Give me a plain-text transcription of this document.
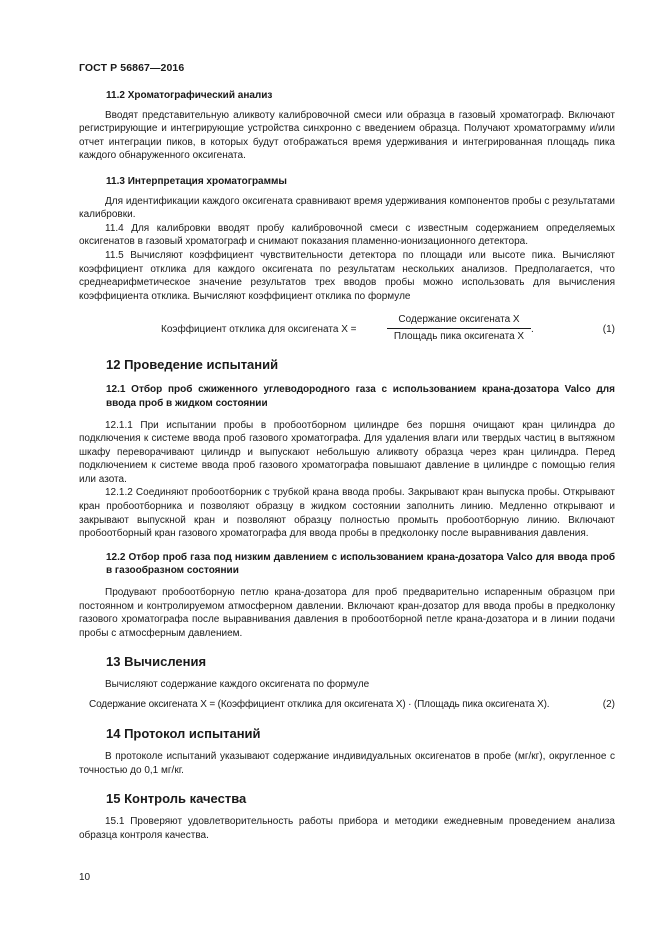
ГОСТ Р 56867—2016
11.2 Хроматографический анализ

Вводят представительную аликвоту калибровочной смеси или образца в газовый хроматограф. Включают регистрирующие и интегрирующие устройства синхронно с введением образца. Получают хроматограмму и/или отчет интеграции пиков, в которых будут отображаться время удерживания и интегрированная площадь пика каждого обнаруженного оксигената.

11.3 Интерпретация хроматограммы

Для идентификации каждого оксигената сравнивают время удерживания компонентов пробы с результатами калибровки.

11.4 Для калибровки вводят пробу калибровочной смеси с известным содержанием определяемых оксигенатов в газовый хроматограф и снимают показания пламенно-ионизационного детектора.

11.5 Вычисляют коэффициент чувствительности детектора по площади или высоте пика. Вычисляют коэффициент отклика для каждого оксигената по результатам нескольких анализов. Предполагается, что среднеарифметическое значение результатов трех вводов пробы можно использовать для вычисления коэффициента отклика. Вычисляют коэффициент отклика по формуле

Коэффициент отклика для оксигената X =
Содержание оксигената X
Площадь пика оксигената X
.	(1)
12 Проведение испытаний

12.1 Отбор проб сжиженного углеводородного газа с использованием крана-дозатора Valco для ввода проб в жидком состоянии

12.1.1 При испытании пробы в пробоотборном цилиндре без поршня очищают кран цилиндра до подключения к системе ввода проб газового хроматографа. Для удаления влаги или твердых частиц в вытяжном шкафу переворачивают цилиндр и выпускают небольшую аликвоту образца через кран цилиндра. Перед подключением к системе ввода проб газового хроматографа повышают давление в цилиндре с помощью гелия или азота.

12.1.2 Соединяют пробоотборник с трубкой крана ввода пробы. Закрывают кран выпуска пробы. Открывают кран пробоотборника и позволяют образцу в жидком состоянии заполнить линию. Медленно открывают и закрывают выпускной кран и позволяют образцу полностью промыть пробоотборную линию. Включают пробоотборный кран газового хроматографа для ввода пробы в предколонку после выравнивания давления.

12.2 Отбор проб газа под низким давлением с использованием крана-дозатора Valco для ввода проб в газообразном состоянии

Продувают пробоотборную петлю крана-дозатора для проб предварительно испаренным образцом при постоянном и контролируемом атмосферном давлении. Включают кран-дозатор для ввода пробы в предколонку газового хроматографа после выравнивания давления в пробоотборной петле крана-дозатора и в линии подачи пробы с атмосферным давлением.

13 Вычисления

Вычисляют содержание каждого оксигената по формуле

Содержание оксигената X = (Коэффициент отклика для оксигената X) · (Площадь пика оксигената X).	(2)
14 Протокол испытаний

В протоколе испытаний указывают содержание индивидуальных оксигенатов в пробе (мг/кг), округленное с точностью до 0,1 мг/кг.

15 Контроль качества

15.1 Проверяют удовлетворительность работы прибора и методики ежедневным проведением анализа образца контроля качества.

10
